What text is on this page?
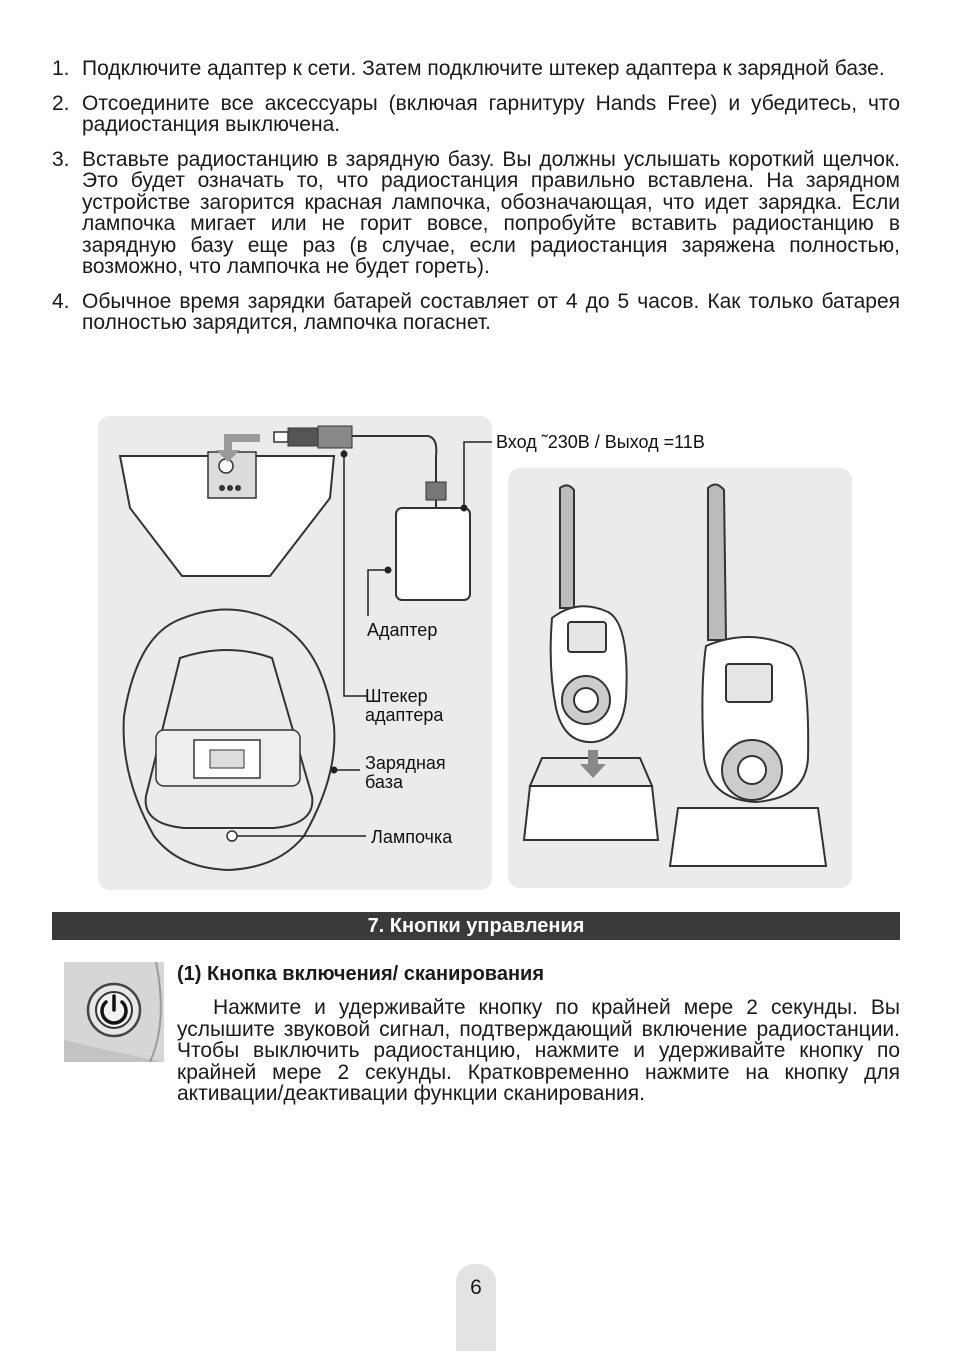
1. Подключите адаптер к сети. Затем подключите штекер адаптера к зарядной базе.
2. Отсоедините все аксессуары (включая гарнитуру Hands Free) и убедитесь, что радиостанция выключена.
3. Вставьте радиостанцию в зарядную базу. Вы должны услышать короткий щелчок. Это будет означать то, что радиостанция правильно вставлена. На зарядном устройстве загорится красная лампочка, обозначающая, что идет зарядка. Если лампочка мигает или не горит вовсе, попробуйте вставить радиостанцию в зарядную базу еще раз (в случае, если радиостанция заряжена полностью, возможно, что лампочка не будет гореть).
4. Обычное время зарядки батарей составляет от 4 до 5 часов. Как только батарея полностью зарядится, лампочка погаснет.
Вход ˜230В / Выход =11В
Адаптер
Штекер
адаптера
Зарядная
база
Лампочка
7. Кнопки управления
(1) Кнопка включения/ сканирования

Нажмите и удерживайте кнопку по крайней мере 2 секунды. Вы услышите звуковой сигнал, подтверждающий включение радиостанции. Чтобы выключить радиостанцию, нажмите и удерживайте кнопку по крайней мере 2 секунды. Кратковременно нажмите на кнопку для активации/деактивации функции сканирования.

6
